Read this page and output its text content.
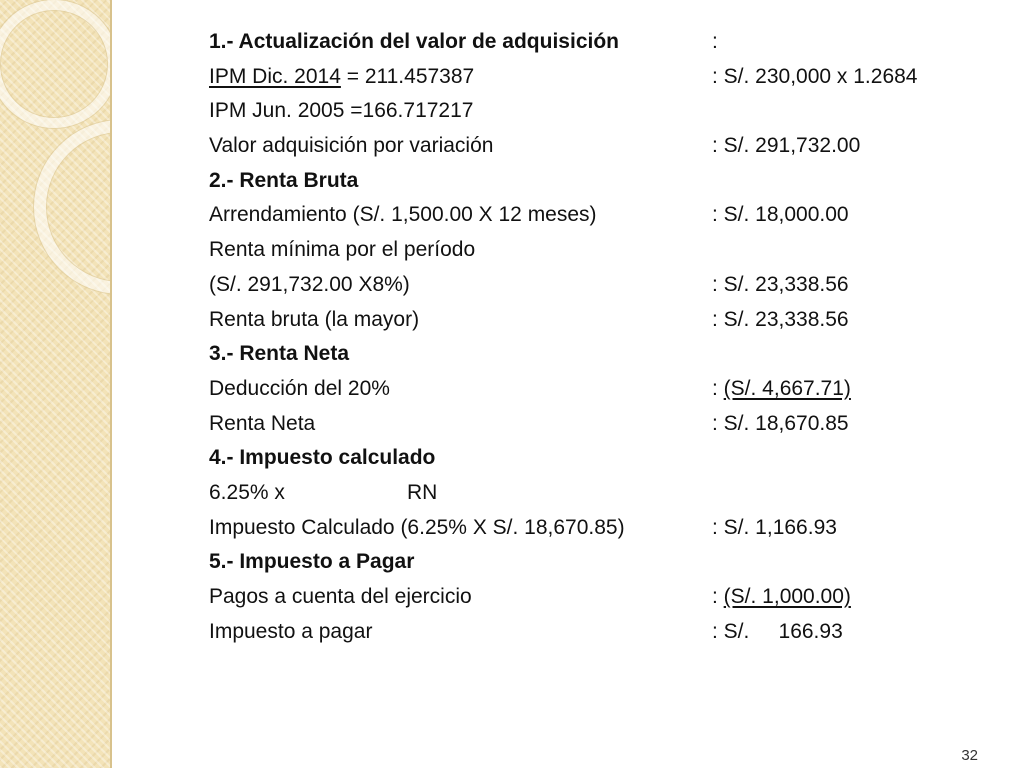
1.- Actualización del valor de adquisición	:
IPM Dic. 2014 = 211.457387	: S/. 230,000 x 1.2684
IPM Jun. 2005 =166.717217
Valor adquisición por variación	: S/. 291,732.00
2.- Renta Bruta
Arrendamiento (S/. 1,500.00 X 12 meses)	: S/. 18,000.00
Renta mínima por el período
(S/. 291,732.00 X8%)	: S/. 23,338.56
Renta bruta (la mayor)	: S/. 23,338.56
3.- Renta Neta
Deducción del 20%	: (S/. 4,667.71)
Renta Neta	: S/. 18,670.85
4.- Impuesto calculado
6.25% x	RN
Impuesto Calculado (6.25% X S/. 18,670.85)	: S/. 1,166.93
5.- Impuesto a Pagar
Pagos a cuenta del ejercicio	: (S/. 1,000.00)
Impuesto a pagar	: S/.     166.93
32
